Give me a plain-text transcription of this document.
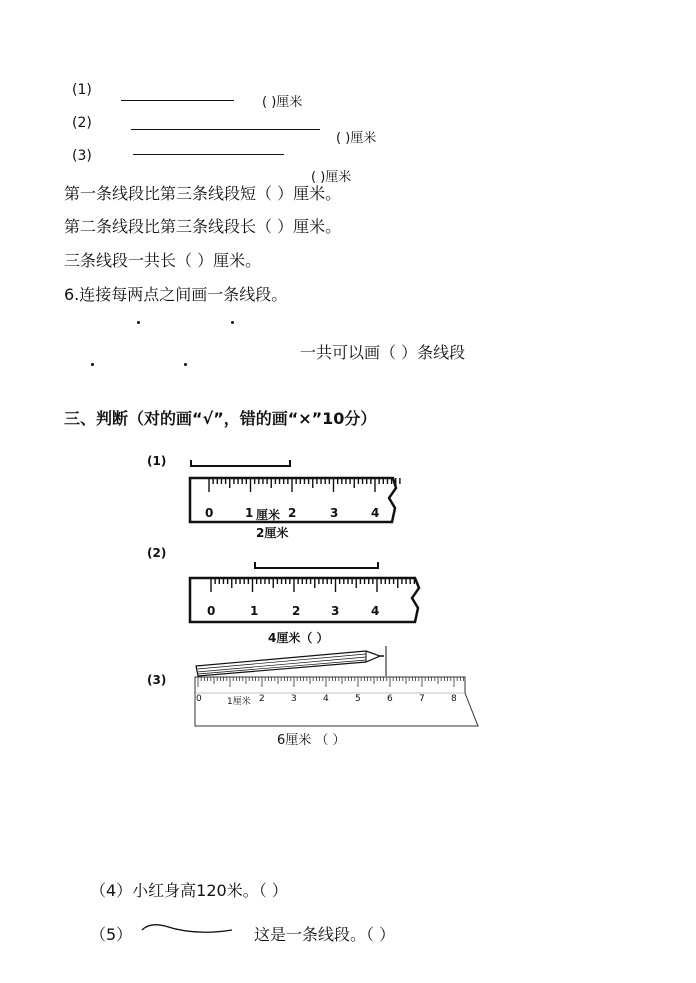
(1)
( )厘米
(2)
( )厘米
(3)
( )厘米
第一条线段比第三条线段短（ ）厘米。
第二条线段比第三条线段长（ ）厘米。
三条线段一共长（ ）厘米。
6.连接每两点之间画一条线段。
一共可以画（ ）条线段
三、判断（对的画“√”，错的画“×”10分）
(1)
0	1 厘米 2	3	4
2厘米
(2)
0	1	2	3	4
4厘米（ ）
(3)
0	1厘米 2	3	4	5	6	7	8
6厘米 （ ）
（4）小红身高120米。（ ）
（5）	这是一条线段。（ ）
